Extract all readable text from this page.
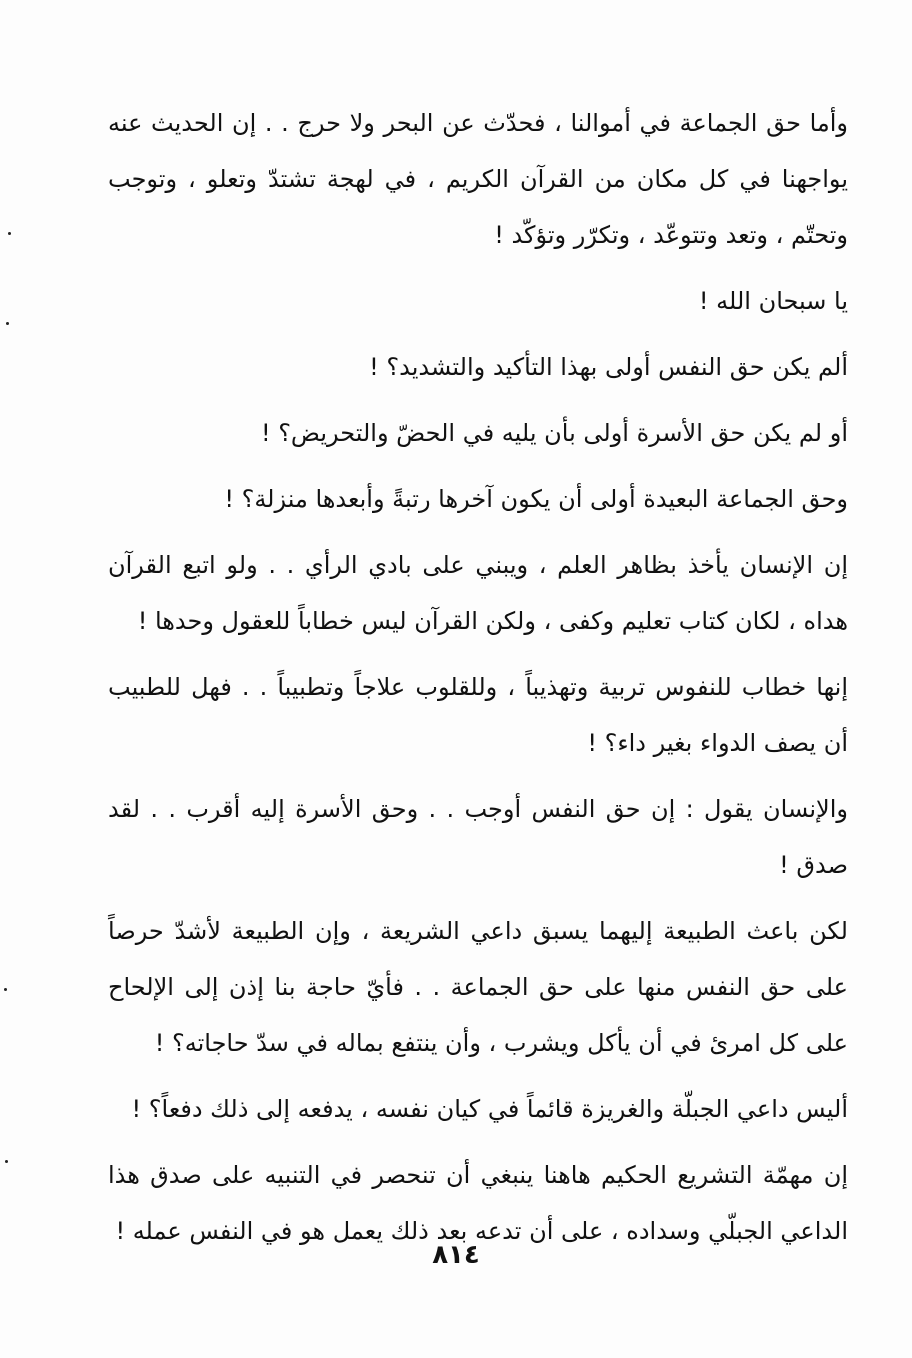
وأما حق الجماعة في أموالنا ، فحدّث عن البحر ولا حرج . . إن الحديث عنه يواجهنا في كل مكان من القرآن الكريم ، في لهجة تشتدّ وتعلو ، وتوجب وتحتّم ، وتعد وتتوعّد ، وتكرّر وتؤكّد !

يا سبحان الله !

ألم يكن حق النفس أولى بهذا التأكيد والتشديد؟ !

أو لم يكن حق الأسرة أولى بأن يليه في الحضّ والتحريض؟ !

وحق الجماعة البعيدة أولى أن يكون آخرها رتبةً وأبعدها منزلة؟ !

إن الإنسان يأخذ بظاهر العلم ، ويبني على بادي الرأي . . ولو اتبع القرآن هداه ، لكان كتاب تعليم وكفى ، ولكن القرآن ليس خطاباً للعقول وحدها !

إنها خطاب للنفوس تربية وتهذيباً ، وللقلوب علاجاً وتطبيباً . . فهل للطبيب أن يصف الدواء بغير داء؟ !

والإنسان يقول : إن حق النفس أوجب . . وحق الأسرة إليه أقرب . . لقد صدق !

لكن باعث الطبيعة إليهما يسبق داعي الشريعة ، وإن الطبيعة لأشدّ حرصاً على حق النفس منها على حق الجماعة . . فأيّ حاجة بنا إذن إلى الإلحاح على كل امرئ في أن يأكل ويشرب ، وأن ينتفع بماله في سدّ حاجاته؟ !

أليس داعي الجبلّة والغريزة قائماً في كيان نفسه ، يدفعه إلى ذلك دفعاً؟ !

إن مهمّة التشريع الحكيم هاهنا ينبغي أن تنحصر في التنبيه على صدق هذا الداعي الجبلّي وسداده ، على أن تدعه بعد ذلك يعمل هو في النفس عمله !

٨١٤
